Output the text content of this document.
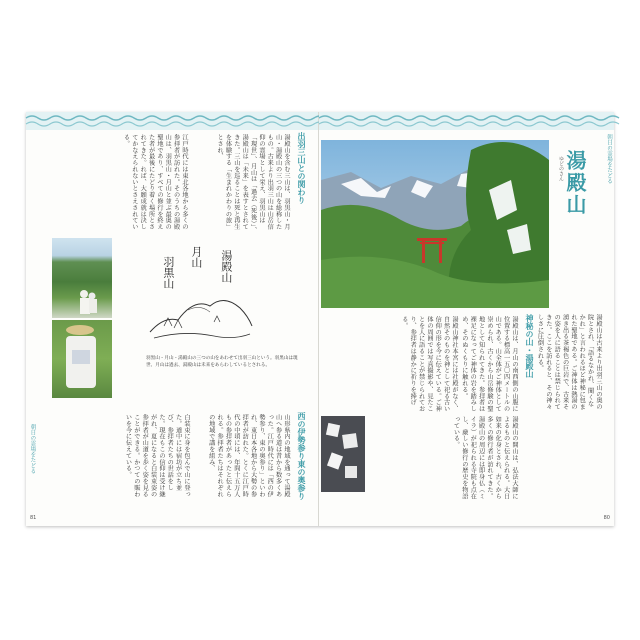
出羽三山との関わり
湯殿山を含む三山は、羽黒山・月山・湯殿山の三つの山を総称したもの。古来より出羽三山は山岳信仰の霊場として栄え、羽黒山は「現世」、月山は「過去（死後）」、湯殿山は「未来」を表すとされてきた。三山を巡ることは死と再生を体験する「生まれかわりの旅」とされ、
江戸時代には東北各地から多くの参拝者が訪れた。そのうちの湯殿山は、羽黒山・月山と並ぶ最奥の聖地であり、すべての修行を終えた者が最後にたどり着く場所とされてきた。れば、大願成就は決してかなえられないとさえされている。
月山 湯殿山
羽黒山
羽黒山・月山・湯殿山の三つの山をあわせて出羽三山という。羽黒山は現世、月山は過去、湯殿山は未来をあらわしているとされる。
西の伊勢参り東の奥参り
山形県内の地域を通って湯殿山へ参る道は昔から数多くあった。江戸時代には「西の伊勢参り、東の奥参り」といわれ、東日本各地から大勢の参拝者が訪れた。とくに江戸時代の中頃には、年間十五万人もの参拝者があったと伝えられる。参拝者たちはそれぞれの地域で講を組み、
白装束に身を包んで山に登った。道中には宿坊が立ち並び、参拝者たちの世話をした。現在もこの信仰は受け継がれ、夏になると白装束姿の参拝者が山道を歩く姿を見ることができる。かつての賑わいを今に伝えている。
朝日の霊場をたどる
81
朝日の霊場をたどる
湯殿山
ゆどのさん
湯殿山は古来より出羽三山の奥の院とされ、「語るなかれ、聞くなかれ」と言われるほど神秘に包まれた聖地である。ご神体は熱湯の湧き出る茶褐色の巨岩で、古来その姿を人に語ることは禁じられてきた。ここを訪れると、その神々しさに圧倒される。
神秘の山・湯殿山
湯殿山は、月山の南西側の山腹に位置する標高一五〇四メートルの山である。山全体がご神体として崇められ、古くから山岳修験の聖地として知られてきた。参拝者は裸足になってご神体の岩を踏みしめ、そのぬくもりに触れる。
湯殿山神社本宮には社殿がなく、自然そのものを神として祀る古い信仰の形を今に伝えている。ご神体の周囲では写真撮影や、見たことを人に語ることが禁じられており、参拝者は静かに祈りを捧げる。
湯殿山の開山は、弘法大師によるものと伝えられる。大日如来の化身とされ、古くから多くの修行者が訪れてきた。湯殿山の周辺には即身仏（ミイラ）が祀られる寺院も点在し、厳しい修行の歴史を物語っている。
80
